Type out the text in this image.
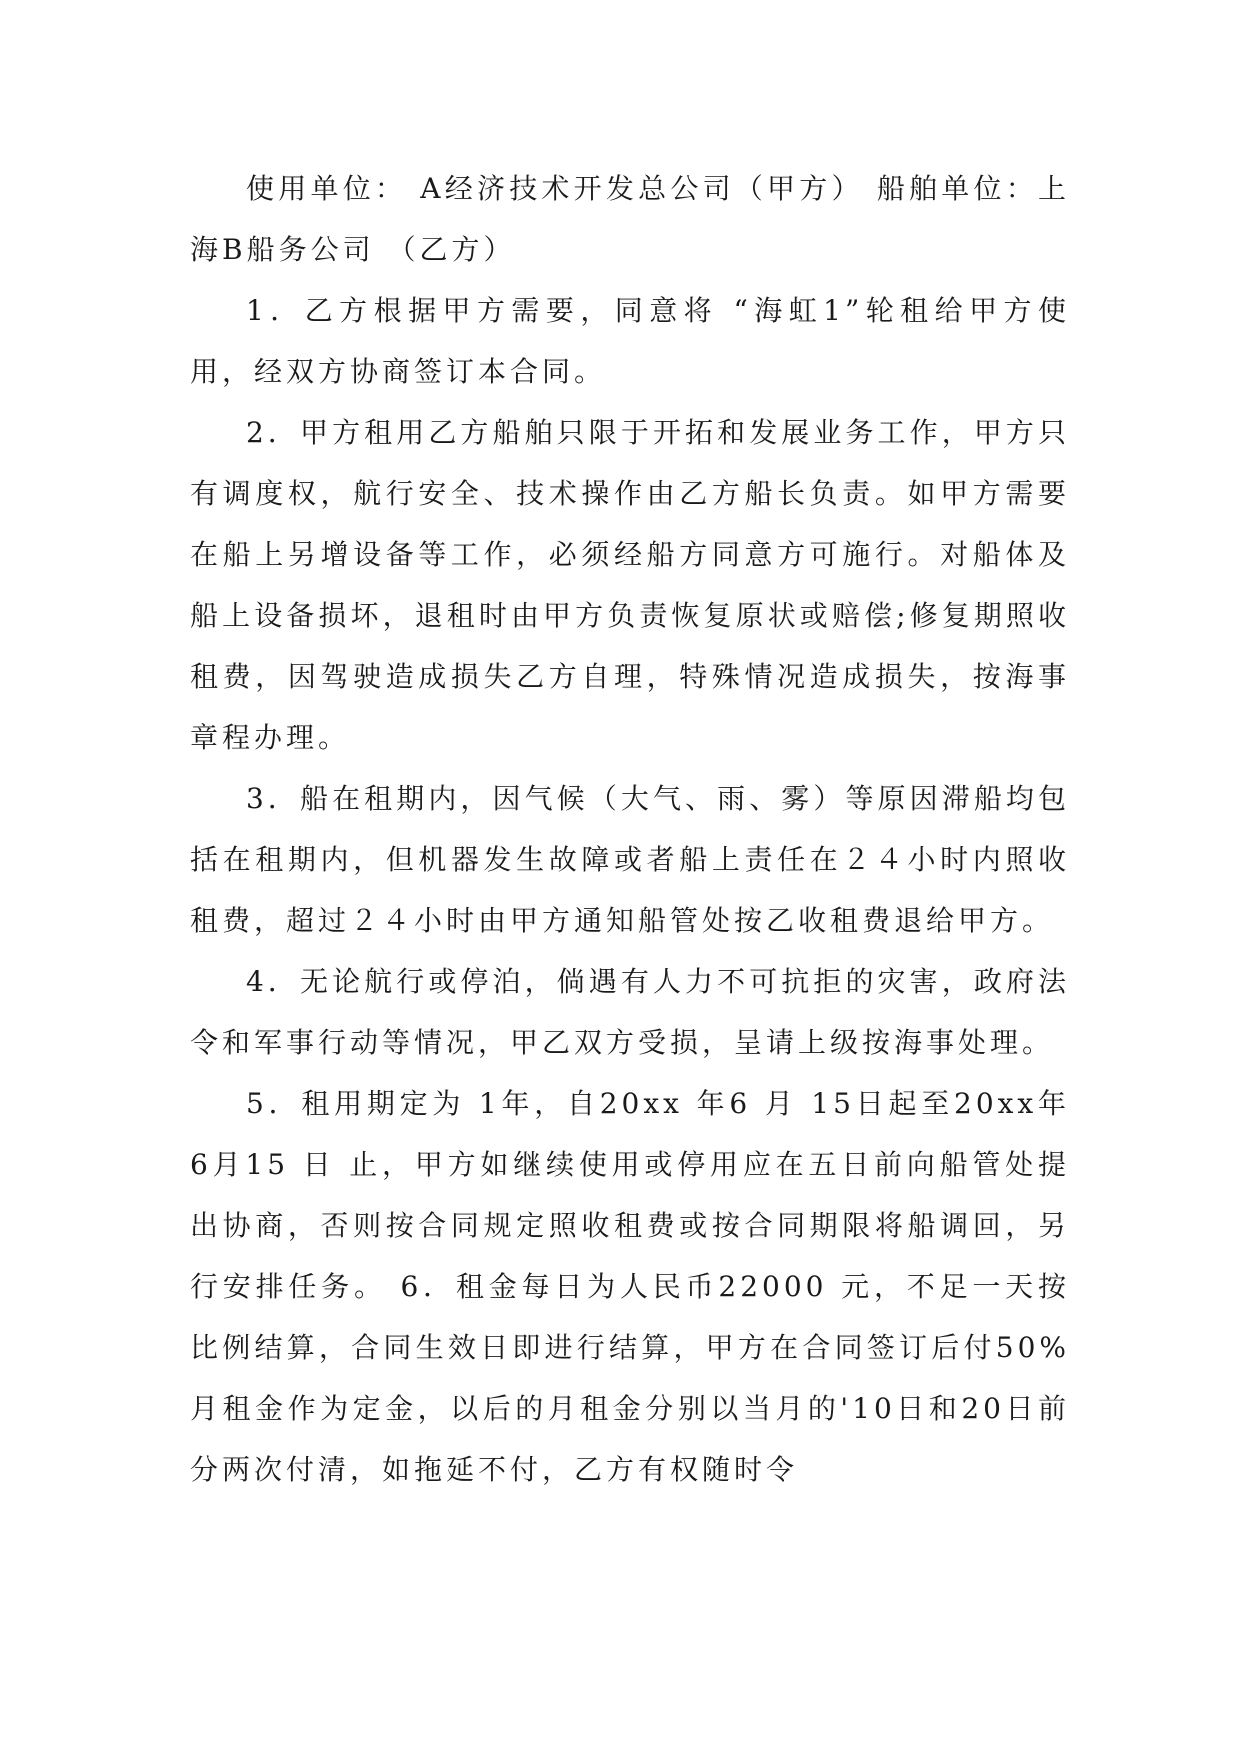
使用单位： A经济技术开发总公司（甲方） 船舶单位：上海B船务公司 （乙方）

1．乙方根据甲方需要，同意将 “海虹1”轮租给甲方使用，经双方协商签订本合同。

2．甲方租用乙方船舶只限于开拓和发展业务工作，甲方只有调度权，航行安全、技术操作由乙方船长负责。如甲方需要在船上另增设备等工作，必须经船方同意方可施行。对船体及船上设备损坏，退租时由甲方负责恢复原状或赔偿;修复期照收租费，因驾驶造成损失乙方自理，特殊情况造成损失，按海事章程办理。

3．船在租期内，因气候（大气、雨、雾）等原因滞船均包括在租期内，但机器发生故障或者船上责任在２４小时内照收租费，超过２４小时由甲方通知船管处按乙收租费退给甲方。

4．无论航行或停泊，倘遇有人力不可抗拒的灾害，政府法令和军事行动等情况，甲乙双方受损，呈请上级按海事处理。

5．租用期定为 1年，自20xx 年6 月 15日起至20xx年 6月15 日 止，甲方如继续使用或停用应在五日前向船管处提出协商，否则按合同规定照收租费或按合同期限将船调回，另行安排任务。 6．租金每日为人民币22000 元，不足一天按比例结算，合同生效日即进行结算，甲方在合同签订后付50%月租金作为定金，以后的月租金分别以当月的'10日和20日前分两次付清，如拖延不付，乙方有权随时令
